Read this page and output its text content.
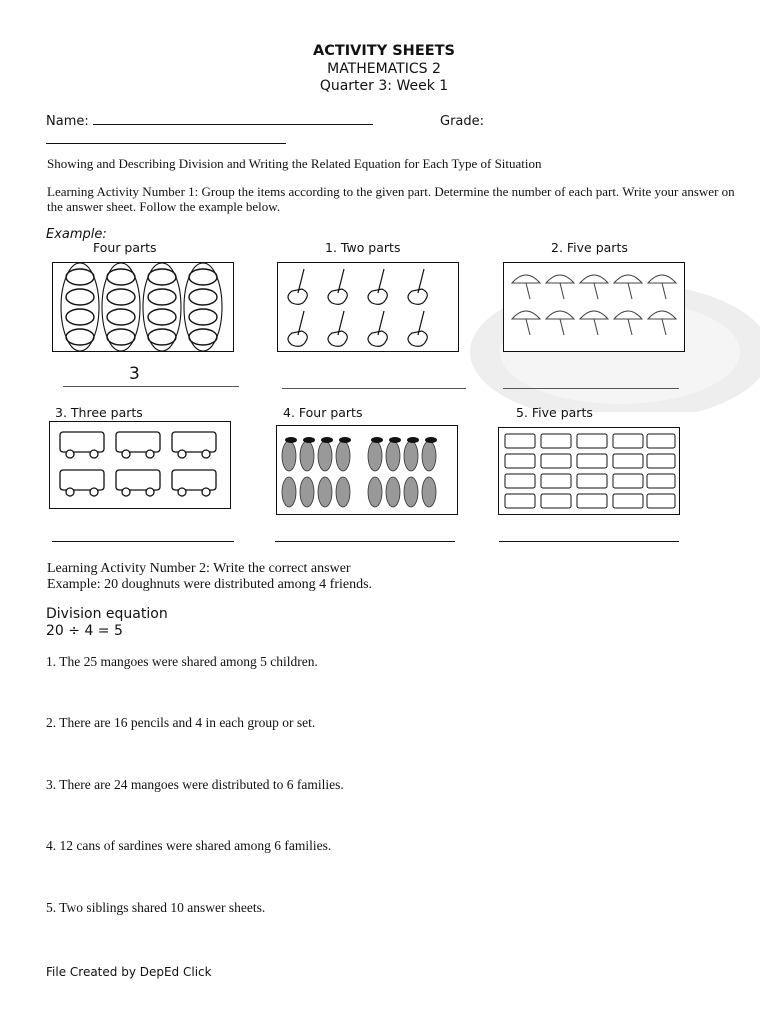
ACTIVITY SHEETS
MATHEMATICS 2
Quarter 3: Week 1
Name:	Grade:
Showing and Describing Division and Writing the Related Equation for Each Type of Situation
Learning Activity Number 1: Group the items according to the given part. Determine the number of each part. Write your answer on the answer sheet. Follow the example below.
Example:
Four parts	1. Two parts	2. Five parts
3
3. Three parts	4. Four parts	5. Five parts
Learning Activity Number 2: Write the correct answer
Example: 20 doughnuts were distributed among 4 friends.
Division equation
20 ÷ 4 = 5
1. The 25 mangoes were shared among 5 children.
2. There are 16 pencils and 4 in each group or set.
3. There are 24 mangoes were distributed to 6 families.
4. 12 cans of sardines were shared among 6 families.
5. Two siblings shared 10 answer sheets.
File Created by DepEd Click
